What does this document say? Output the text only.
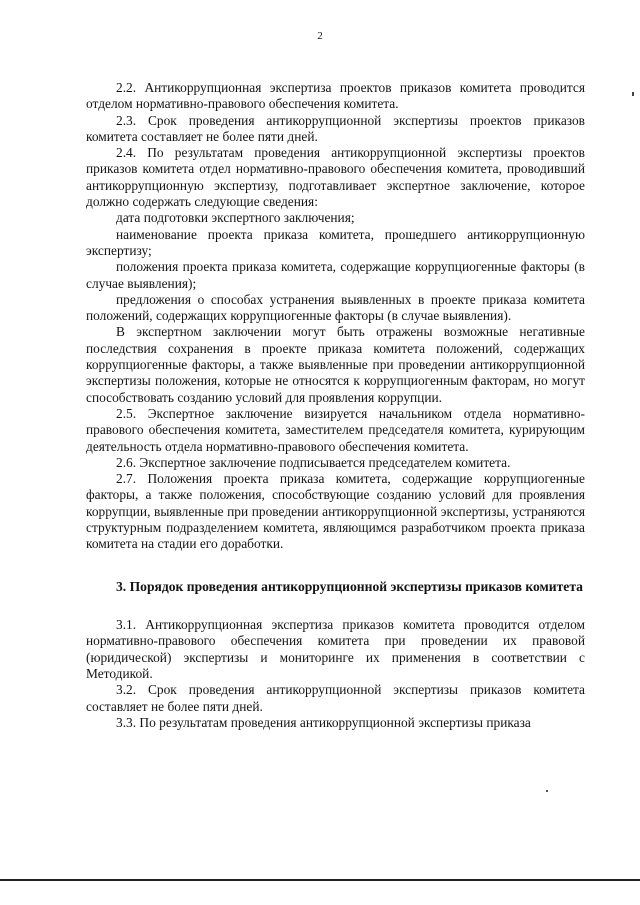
2

2.2. Антикоррупционная экспертиза проектов приказов комитета проводится отделом нормативно-правового обеспечения комитета.

2.3. Срок проведения антикоррупционной экспертизы проектов приказов комитета составляет не более пяти дней.

2.4. По результатам проведения антикоррупционной экспертизы проектов приказов комитета отдел нормативно-правового обеспечения комитета, проводивший антикоррупционную экспертизу, подготавливает экспертное заключение, которое должно содержать следующие сведения:

дата подготовки экспертного заключения;

наименование проекта приказа комитета, прошедшего антикоррупционную экспертизу;

положения проекта приказа комитета, содержащие коррупциогенные факторы (в случае выявления);

предложения о способах устранения выявленных в проекте приказа комитета положений, содержащих коррупциогенные факторы (в случае выявления).

В экспертном заключении могут быть отражены возможные негативные последствия сохранения в проекте приказа комитета положений, содержащих коррупциогенные факторы, а также выявленные при проведении антикоррупционной экспертизы положения, которые не относятся к коррупциогенным факторам, но могут способствовать созданию условий для проявления коррупции.

2.5. Экспертное заключение визируется начальником отдела нормативно-правового обеспечения комитета, заместителем председателя комитета, курирующим деятельность отдела нормативно-правового обеспечения комитета.

2.6. Экспертное заключение подписывается председателем комитета.

2.7. Положения проекта приказа комитета, содержащие коррупциогенные факторы, а также положения, способствующие созданию условий для проявления коррупции, выявленные при проведении антикоррупционной экспертизы, устраняются структурным подразделением комитета, являющимся разработчиком проекта приказа комитета на стадии его доработки.

3. Порядок проведения антикоррупционной экспертизы приказов комитета

3.1. Антикоррупционная экспертиза приказов комитета проводится отделом нормативно-правового обеспечения комитета при проведении их правовой (юридической) экспертизы и мониторинге их применения в соответствии с Методикой.

3.2. Срок проведения антикоррупционной экспертизы приказов комитета составляет не более пяти дней.

3.3. По результатам проведения антикоррупционной экспертизы приказа
